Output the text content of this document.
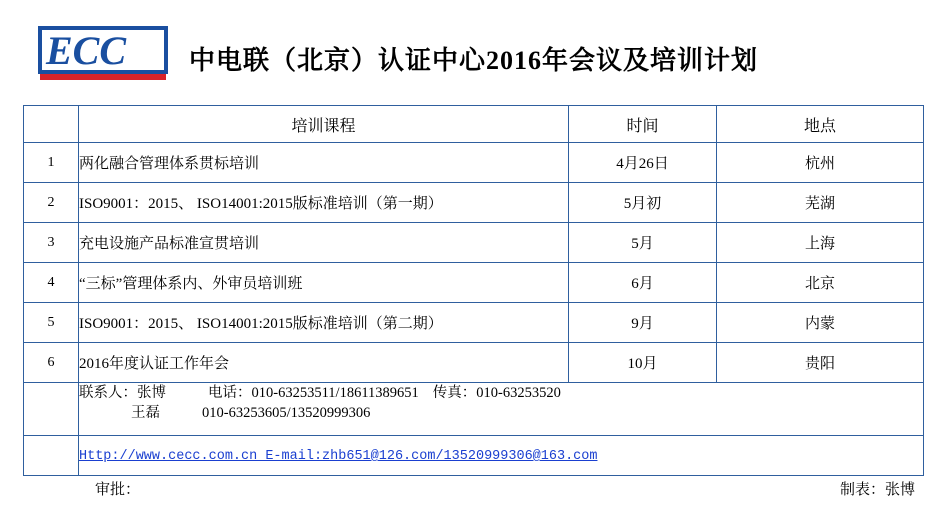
ECC	中电联（北京）认证中心2016年会议及培训计划
	培训课程	时间	地点
1	两化融合管理体系贯标培训	4月26日	杭州
2	ISO9001：2015、 ISO14001:2015版标准培训（第一期）	5月初	芜湖
3	充电设施产品标准宣贯培训	5月	上海
4	“三标”管理体系内、外审员培训班	6月	北京
5	ISO9001：2015、 ISO14001:2015版标准培训（第二期）	9月	内蒙
6	2016年度认证工作年会	10月	贵阳

	联系人：张博 电话：010-63253511/18611389651 传真：010-63253520
王磊 010-63253605/13520999306		

	Http://www.cecc.com.cn E-mail:zhb651@126.com/13520999306@163.com		
审批：	制表：张博
